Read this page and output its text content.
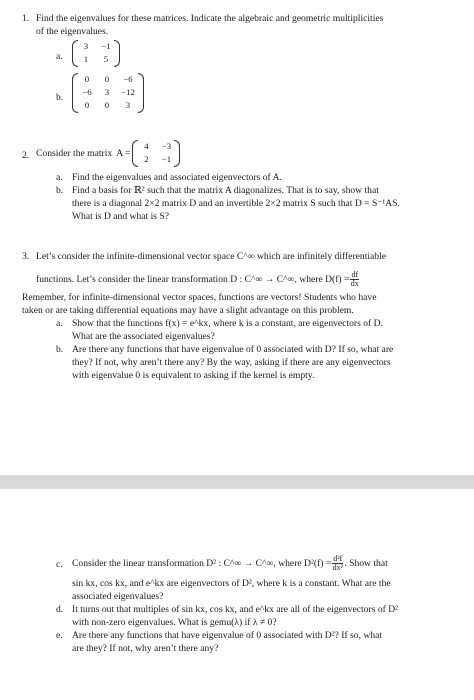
1. Find the eigenvalues for these matrices. Indicate the algebraic and geometric multiplicities
of the eigenvalues.
a.
3	−1
1	5
b.
0	0	−6
−6	3	−12
0	0	3
2. Consider the matrix A =
4	−3
2	−1
a. Find the eigenvalues and associated eigenvectors of A.
b. Find a basis for ℝ² such that the matrix A diagonalizes. That is to say, show that
there is a diagonal 2×2 matrix D and an invertible 2×2 matrix S such that D = S⁻¹AS.
What is D and what is S?
3. Let’s consider the infinite-dimensional vector space C^∞ which are infinitely differentiable
functions. Let’s consider the linear transformation D : C^∞ → C^∞, where $D(f) = \frac{df}{dx}$
Remember, for infinite-dimensional vector spaces, functions are vectors! Students who have
taken or are taking differential equations may have a slight advantage on this problem.
a. Show that the functions f(x) = e^kx, where k is a constant, are eigenvectors of D.
What are the associated eigenvalues?
b. Are there any functions that have eigenvalue of 0 associated with D? If so, what are
they? If not, why aren’t there any? By the way, asking if there are any eigenvectors
with eigenvalue 0 is equivalent to asking if the kernel is empty.
c. Consider the linear transformation D² : C^∞ → C^∞, where $D^2(f) = \frac{\text{d²f}}{\text{dx²}}$ . Show that
sin kx, cos kx, and e^kx are eigenvectors of D², where k is a constant. What are the
associated eigenvalues?
d. It turns out that multiples of sin kx, cos kx, and e^kx are all of the eigenvectors of D²
with non-zero eigenvalues. What is gemu(λ) if λ ≠ 0?
e. Are there any functions that have eigenvalue of 0 associated with D²? If so, what
are they? If not, why aren’t there any?
